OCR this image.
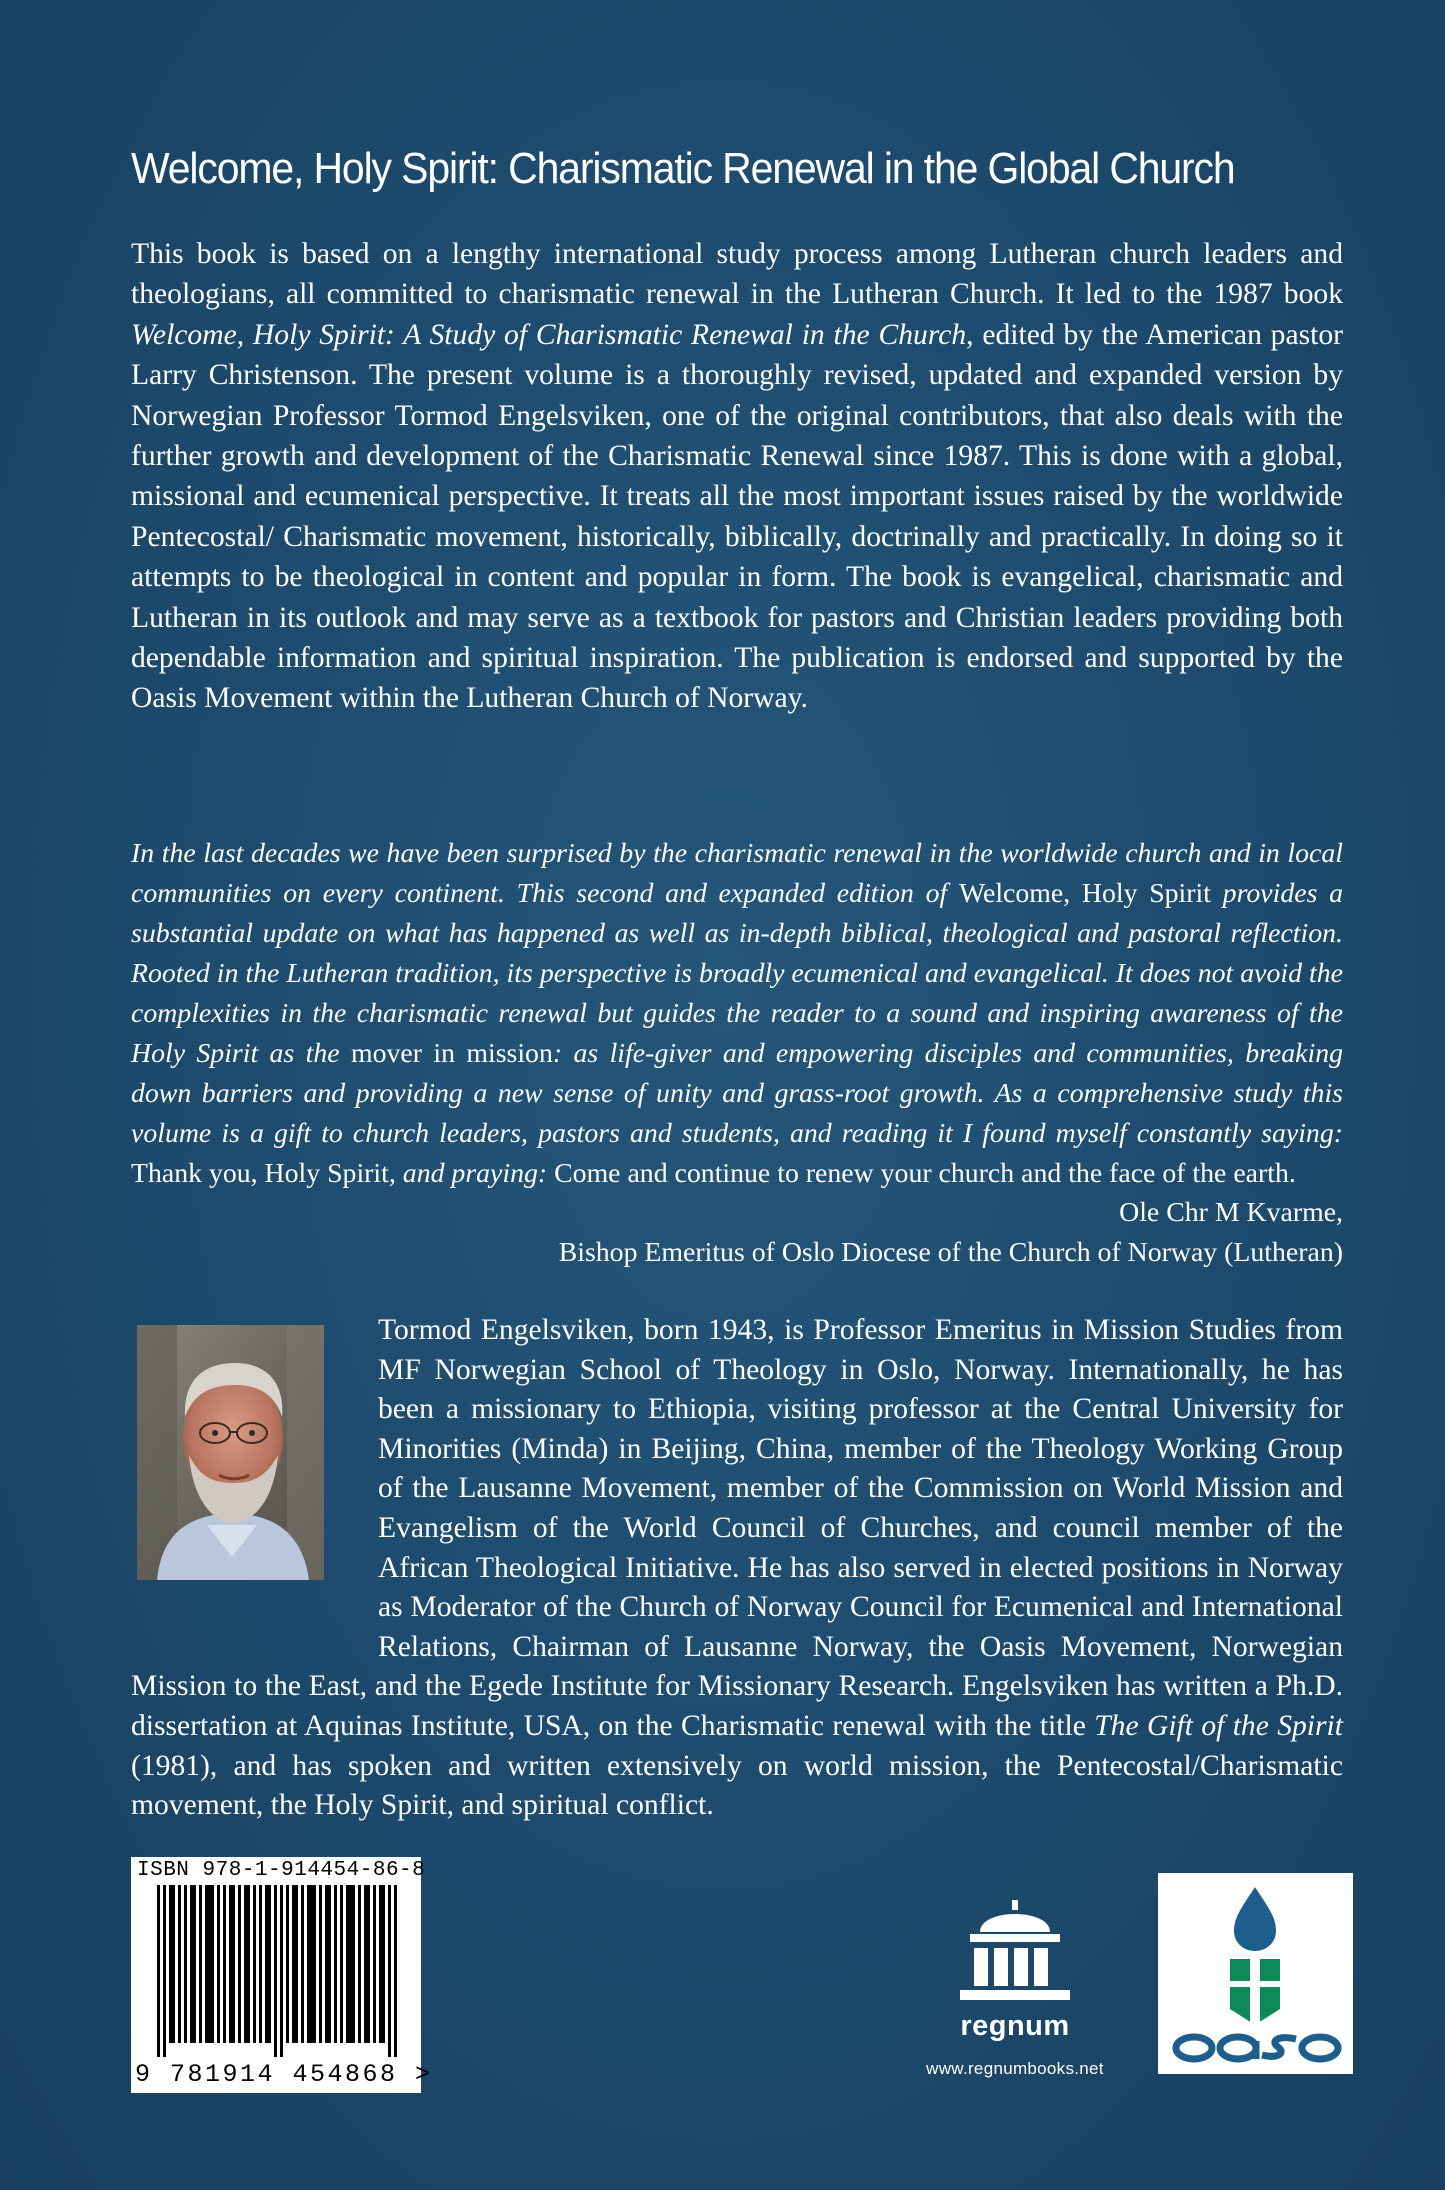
Welcome, Holy Spirit: Charismatic Renewal in the Global Church

This book is based on a lengthy international study process among Lutheran church leaders and theologians, all committed to charismatic renewal in the Lutheran Church. It led to the 1987 book Welcome, Holy Spirit: A Study of Charismatic Renewal in the Church, edited by the American pastor Larry Christenson. The present volume is a thoroughly revised, updated and expanded version by Norwegian Professor Tormod Engelsviken, one of the original contributors, that also deals with the further growth and development of the Charismatic Renewal since 1987. This is done with a global, missional and ecumenical perspective. It treats all the most important issues raised by the worldwide Pentecostal/ Charismatic movement, historically, biblically, doctrinally and practically. In doing so it attempts to be theological in content and popular in form. The book is evangelical, charismatic and Lutheran in its outlook and may serve as a textbook for pastors and Christian leaders providing both dependable information and spiritual inspiration. The publication is endorsed and supported by the Oasis Movement within the Lutheran Church of Norway.

In the last decades we have been surprised by the charismatic renewal in the worldwide church and in local communities on every continent. This second and expanded edition of Welcome, Holy Spirit provides a substantial update on what has happened as well as in-depth biblical, theological and pastoral reflection. Rooted in the Lutheran tradition, its perspective is broadly ecumenical and evangelical. It does not avoid the complexities in the charismatic renewal but guides the reader to a sound and inspiring awareness of the Holy Spirit as the mover in mission: as life-giver and empowering disciples and communities, breaking down barriers and providing a new sense of unity and grass-root growth. As a comprehensive study this volume is a gift to church leaders, pastors and students, and reading it I found myself constantly saying: Thank you, Holy Spirit, and praying: Come and continue to renew your church and the face of the earth.

Ole Chr M Kvarme,

Bishop Emeritus of Oslo Diocese of the Church of Norway (Lutheran)

Tormod Engelsviken, born 1943, is Professor Emeritus in Mission Studies from MF Norwegian School of Theology in Oslo, Norway. Internationally, he has been a missionary to Ethiopia, visiting professor at the Central University for Minorities (Minda) in Beijing, China, member of the Theology Working Group of the Lausanne Movement, member of the Commission on World Mission and Evangelism of the World Council of Churches, and council member of the African Theological Initiative. He has also served in elected positions in Norway as Moderator of the Church of Norway Council for Ecumenical and International Relations, Chairman of Lausanne Norway, the Oasis Movement, Norwegian Mission to the East, and the Egede Institute for Missionary Research. Engelsviken has written a Ph.D. dissertation at Aquinas Institute, USA, on the Charismatic renewal with the title The Gift of the Spirit (1981), and has spoken and written extensively on world mission, the Pentecostal/Charismatic movement, the Holy Spirit, and spiritual conflict.

ISBN 978-1-914454-86-8
9 781914 454868 >
regnum
www.regnumbooks.net
